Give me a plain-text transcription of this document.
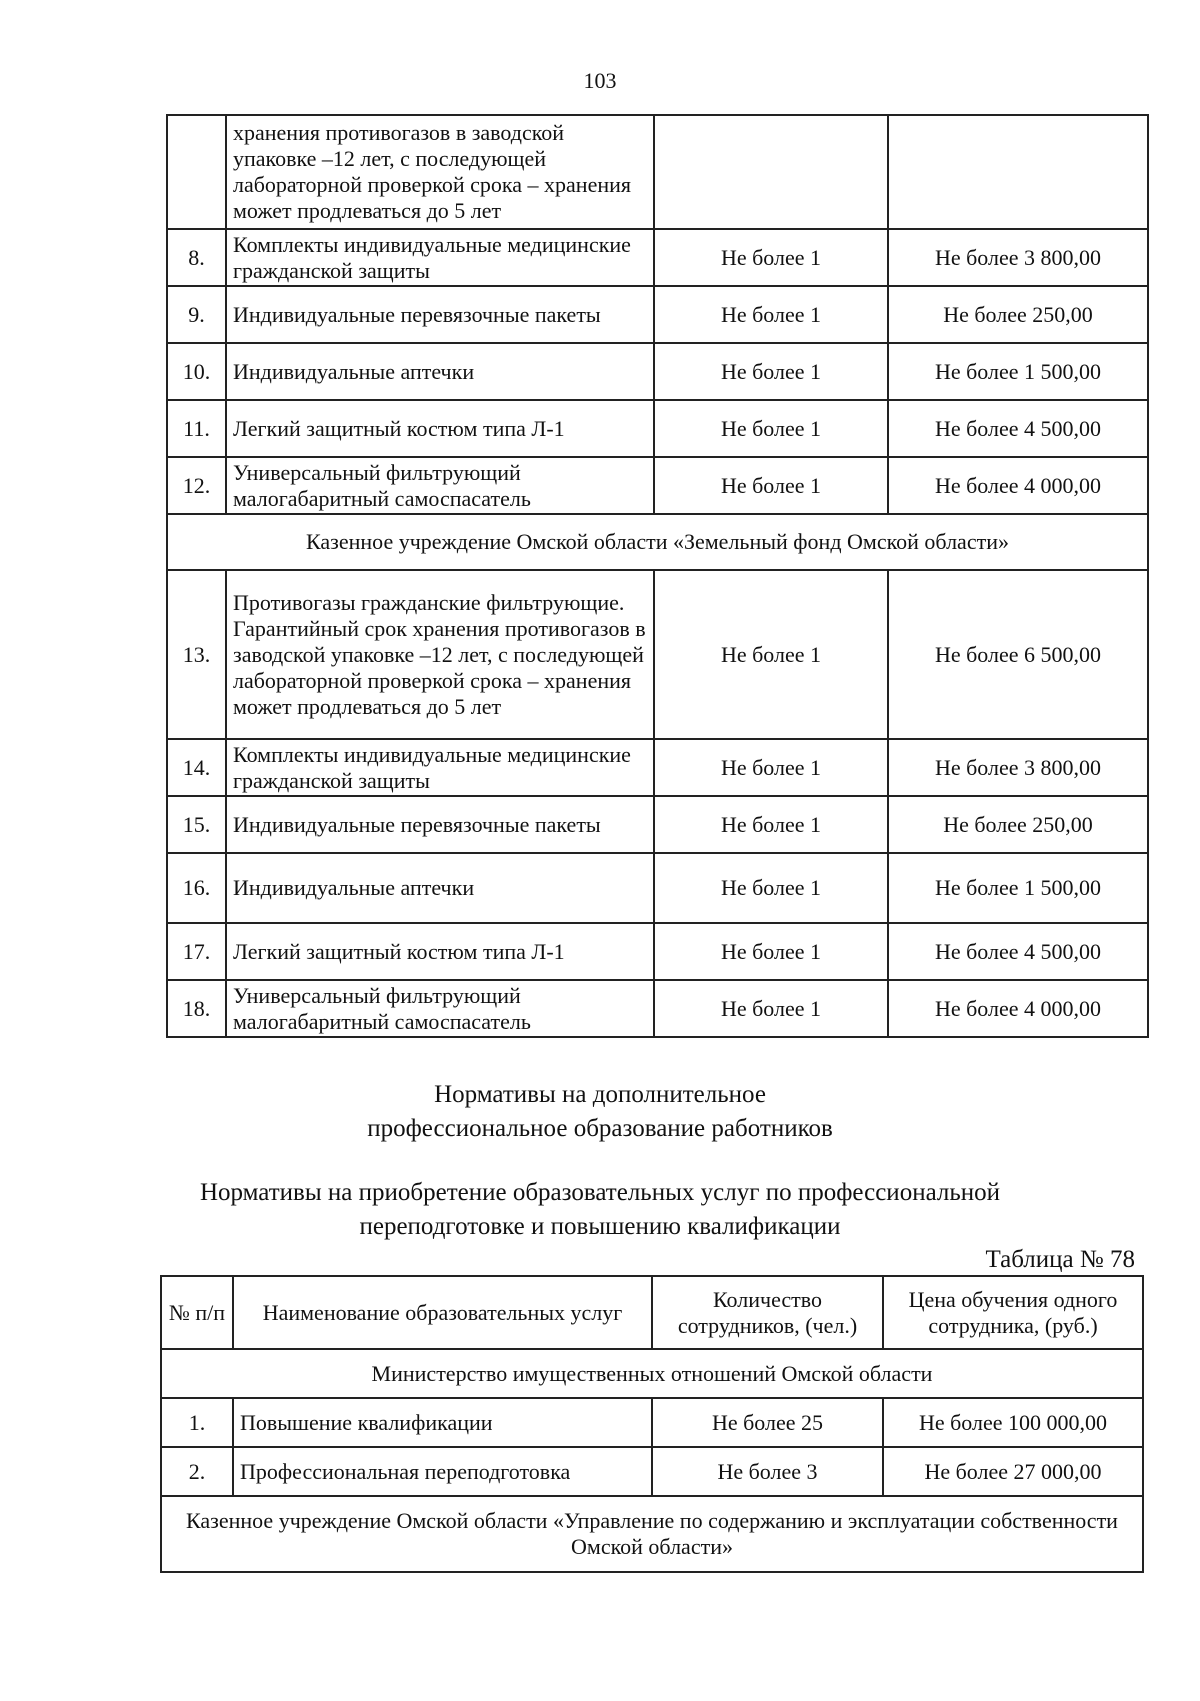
103
	хранения противогазов в заводской упаковке –12 лет, с последующей лабораторной проверкой срока – хранения может продлеваться до 5 лет		
8.	Комплекты индивидуальные медицинские гражданской защиты	Не более 1	Не более 3 800,00
9.	Индивидуальные перевязочные пакеты	Не более 1	Не более 250,00
10.	Индивидуальные аптечки	Не более 1	Не более 1 500,00
11.	Легкий защитный костюм типа Л-1	Не более 1	Не более 4 500,00
12.	Универсальный фильтрующий малогабаритный самоспасатель	Не более 1	Не более 4 000,00
Казенное учреждение Омской области «Земельный фонд Омской области»			
13.	Противогазы гражданские фильтрующие. Гарантийный срок хранения противогазов в заводской упаковке –12 лет, с последующей лабораторной проверкой срока – хранения может продлеваться до 5 лет	Не более 1	Не более 6 500,00
14.	Комплекты индивидуальные медицинские гражданской защиты	Не более 1	Не более 3 800,00
15.	Индивидуальные перевязочные пакеты	Не более 1	Не более 250,00
16.	Индивидуальные аптечки	Не более 1	Не более 1 500,00
17.	Легкий защитный костюм типа Л-1	Не более 1	Не более 4 500,00
18.	Универсальный фильтрующий малогабаритный самоспасатель	Не более 1	Не более 4 000,00
Нормативы на дополнительное
профессиональное образование работников
Нормативы на приобретение образовательных услуг по профессиональной
переподготовке и повышению квалификации
Таблица № 78
№ п/п	Наименование образовательных услуг	Количество сотрудников, (чел.)	Цена обучения одного сотрудника, (руб.)
Министерство имущественных отношений Омской области			
1.	Повышение квалификации	Не более 25	Не более 100 000,00
2.	Профессиональная переподготовка	Не более 3	Не более 27 000,00
Казенное учреждение Омской области «Управление по содержанию и эксплуатации собственности Омской области»			
